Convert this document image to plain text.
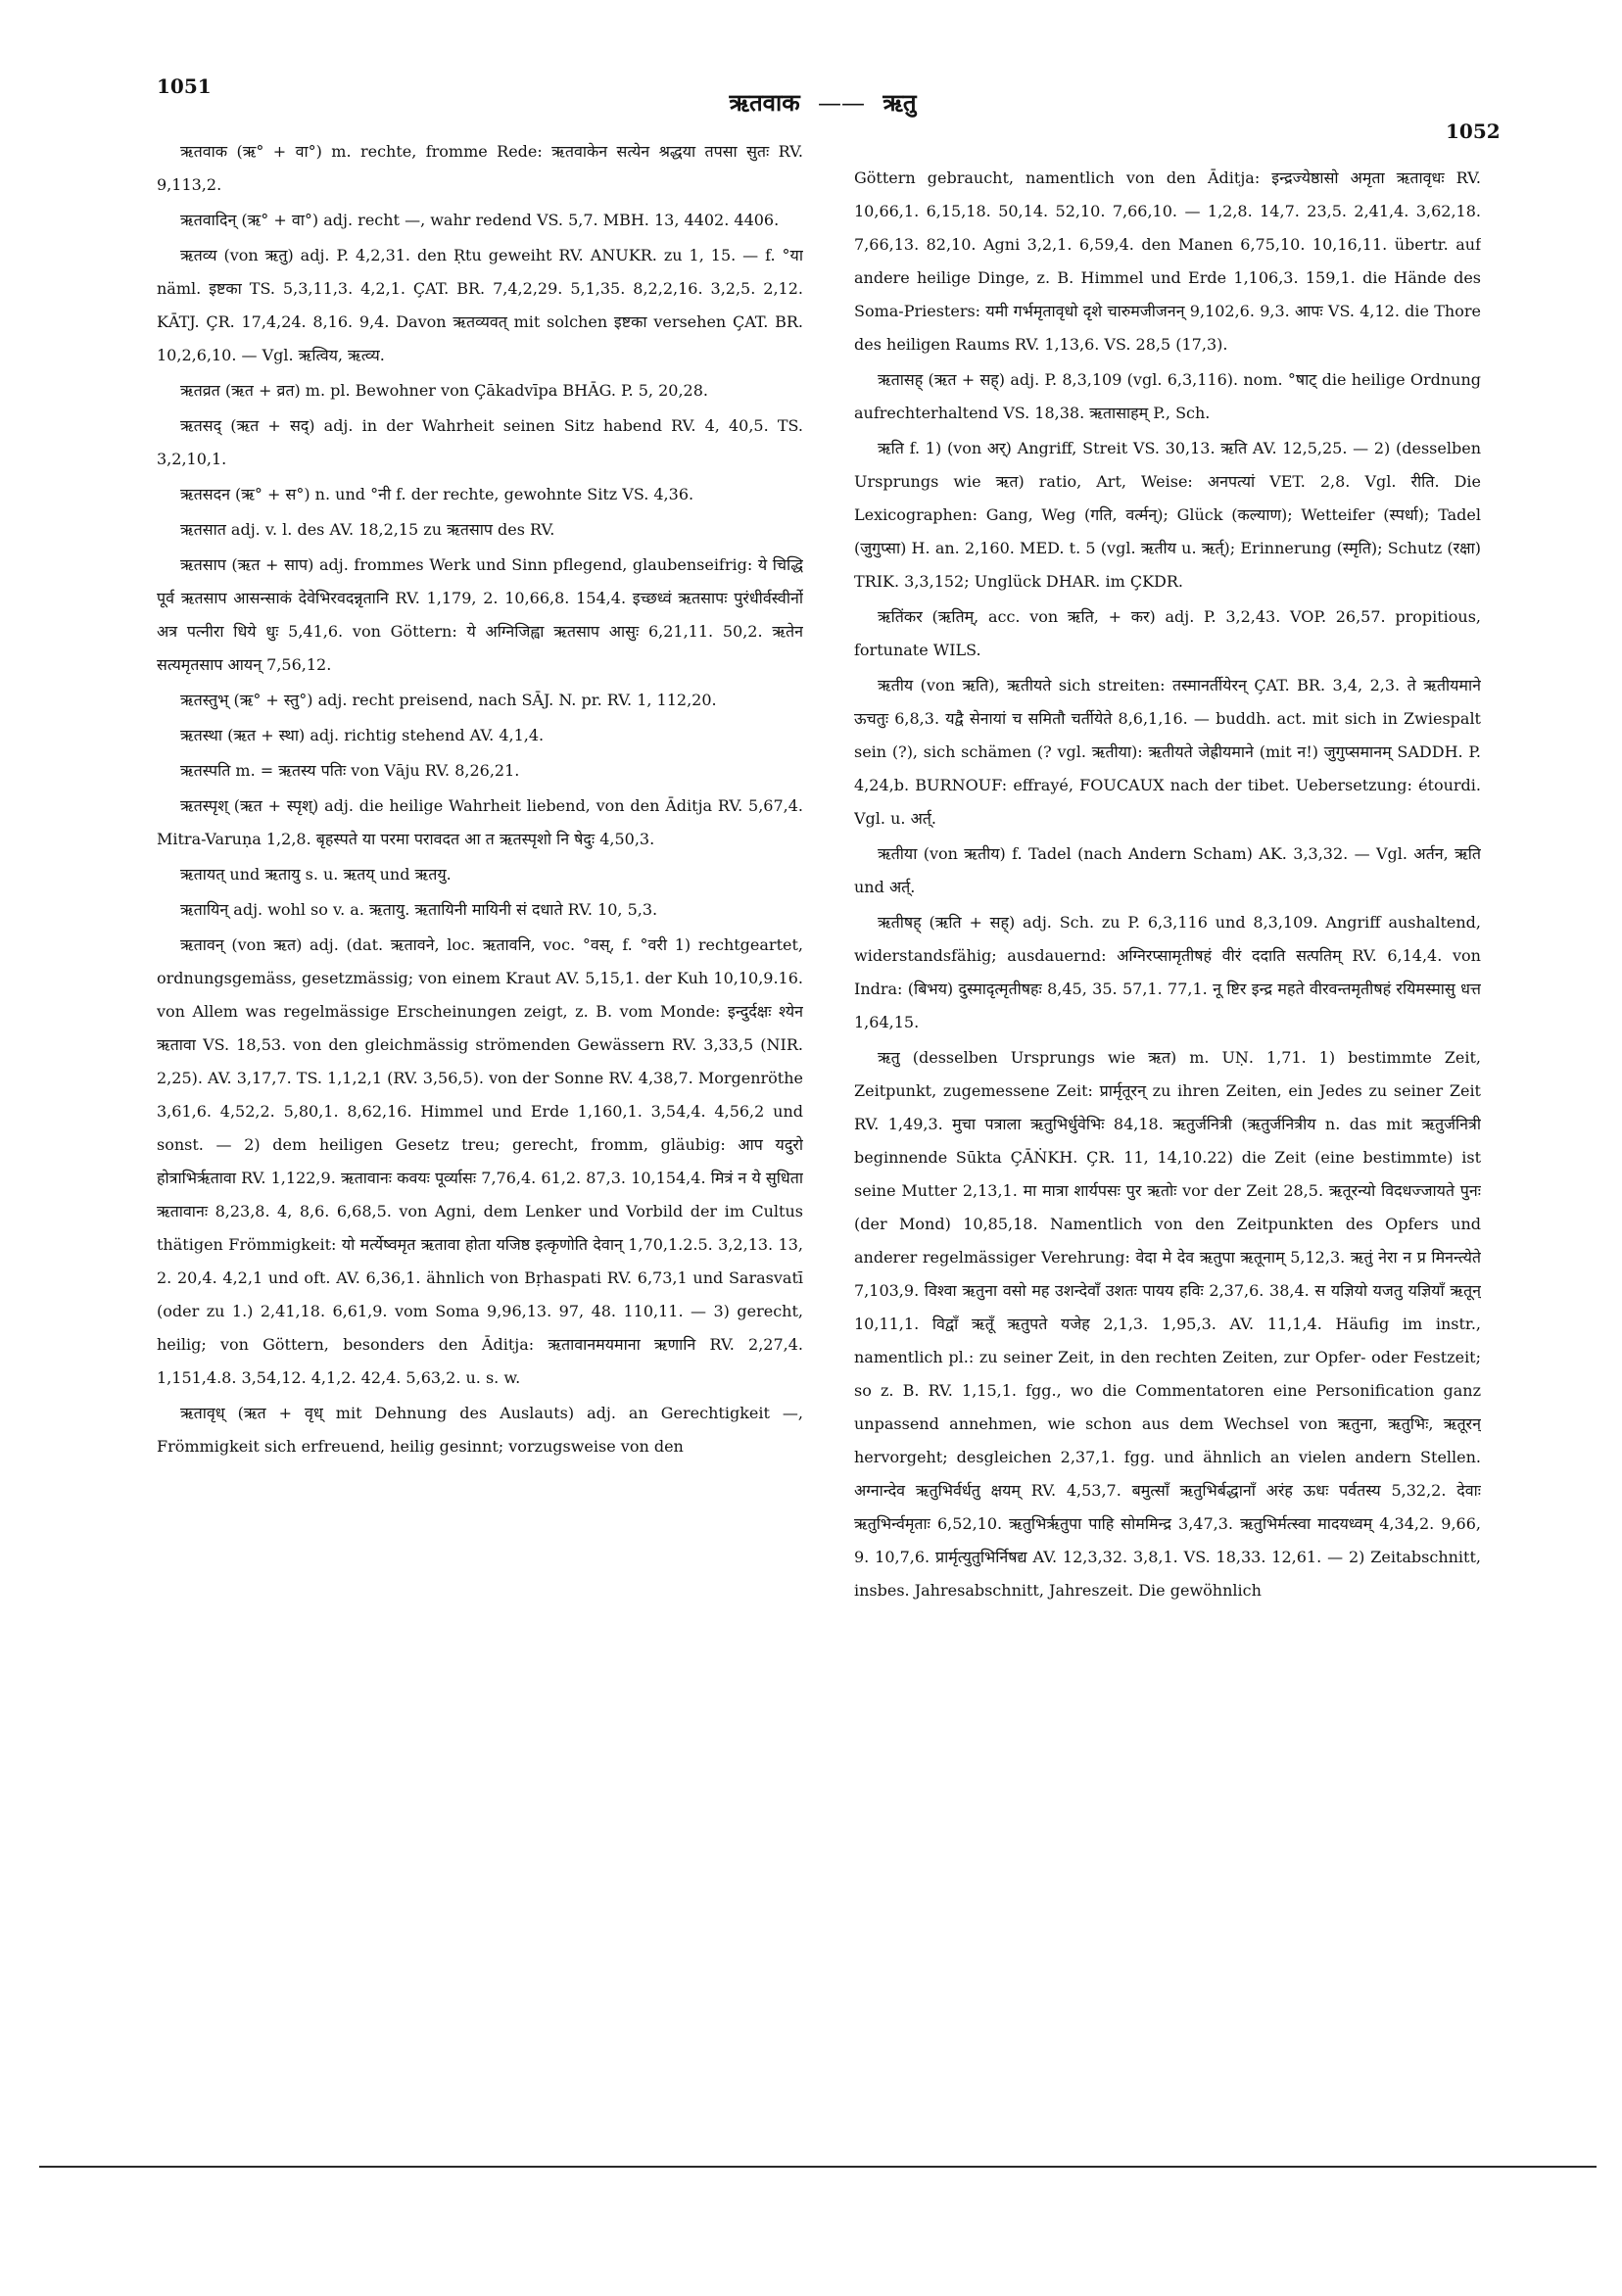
1051
ऋतवाक —— ऋतु
1052

ऋतवाक (ऋ° + वा°) m. rechte, fromme Rede: ऋतवाकेन सत्येन श्रद्धया तपसा सुतः RV. 9,113,2.

ऋतवादिन् (ऋ° + वा°) adj. recht —, wahr redend VS. 5,7. MBH. 13, 4402. 4406.

ऋतव्य (von ऋतु) adj. P. 4,2,31. den Ṛtu geweiht RV. ANUKR. zu 1, 15. — f. °या näml. इष्टका TS. 5,3,11,3. 4,2,1. ÇAT. BR. 7,4,2,29. 5,1,35. 8,2,2,16. 3,2,5. 2,12. KĀTJ. ÇR. 17,4,24. 8,16. 9,4. Davon ऋतव्यवत् mit solchen इष्टका versehen ÇAT. BR. 10,2,6,10. — Vgl. ऋत्विय, ऋत्व्य.

ऋतव्रत (ऋत + व्रत) m. pl. Bewohner von Çākadvīpa BHĀG. P. 5, 20,28.

ऋतसद् (ऋत + सद्) adj. in der Wahrheit seinen Sitz habend RV. 4, 40,5. TS. 3,2,10,1.

ऋतसदन (ऋ° + स°) n. und °नी f. der rechte, gewohnte Sitz VS. 4,36.

ऋतसात adj. v. l. des AV. 18,2,15 zu ऋतसाप des RV.

ऋतसाप (ऋत + साप) adj. frommes Werk und Sinn pflegend, glaubenseifrig: ये चिद्धि पूर्व ऋतसाप आसन्साकं देवेभिरवदन्नृतानि RV. 1,179, 2. 10,66,8. 154,4. इच्छध्वं ऋतसापः पुरंधीर्वस्वीर्नो अत्र पत्नीरा धिये धुः 5,41,6. von Göttern: ये अग्निजिह्वा ऋतसाप आसुः 6,21,11. 50,2. ऋतेन सत्यमृतसाप आयन् 7,56,12.

ऋतस्तुभ् (ऋ° + स्तु°) adj. recht preisend, nach SĀJ. N. pr. RV. 1, 112,20.

ऋतस्था (ऋत + स्था) adj. richtig stehend AV. 4,1,4.

ऋतस्पति m. = ऋतस्य पतिः von Vāju RV. 8,26,21.

ऋतस्पृश् (ऋत + स्पृश्) adj. die heilige Wahrheit liebend, von den Āditja RV. 5,67,4. Mitra-Varuṇa 1,2,8. बृहस्पते या परमा परावदत आ त ऋतस्पृशो नि षेदुः 4,50,3.

ऋतायत् und ऋतायु s. u. ऋतय् und ऋतयु.

ऋतायिन् adj. wohl so v. a. ऋतायु. ऋतायिनी मायिनी सं दधाते RV. 10, 5,3.

ऋतावन् (von ऋत) adj. (dat. ऋतावने, loc. ऋतावनि, voc. °वस्, f. °वरी 1) rechtgeartet, ordnungsgemäss, gesetzmässig; von einem Kraut AV. 5,15,1. der Kuh 10,10,9.16. von Allem was regelmässige Erscheinungen zeigt, z. B. vom Monde: इन्दुर्दक्षः श्येन ऋतावा VS. 18,53. von den gleichmässig strömenden Gewässern RV. 3,33,5 (NIR. 2,25). AV. 3,17,7. TS. 1,1,2,1 (RV. 3,56,5). von der Sonne RV. 4,38,7. Morgenröthe 3,61,6. 4,52,2. 5,80,1. 8,62,16. Himmel und Erde 1,160,1. 3,54,4. 4,56,2 und sonst. — 2) dem heiligen Gesetz treu; gerecht, fromm, gläubig: आप यदुरो होत्राभिर्ऋतावा RV. 1,122,9. ऋतावानः कवयः पूर्व्यासः 7,76,4. 61,2. 87,3. 10,154,4. मित्रं न ये सुधिता ऋतावानः 8,23,8. 4, 8,6. 6,68,5. von Agni, dem Lenker und Vorbild der im Cultus thätigen Frömmigkeit: यो मर्त्येष्वमृत ऋतावा होता यजिष्ठ इत्कृणोति देवान् 1,70,1.2.5. 3,2,13. 13, 2. 20,4. 4,2,1 und oft. AV. 6,36,1. ähnlich von Bṛhaspati RV. 6,73,1 und Sarasvatī (oder zu 1.) 2,41,18. 6,61,9. vom Soma 9,96,13. 97, 48. 110,11. — 3) gerecht, heilig; von Göttern, besonders den Āditja: ऋतावानमयमाना ऋणानि RV. 2,27,4. 1,151,4.8. 3,54,12. 4,1,2. 42,4. 5,63,2. u. s. w.

ऋतावृध् (ऋत + वृध् mit Dehnung des Auslauts) adj. an Gerechtigkeit —, Frömmigkeit sich erfreuend, heilig gesinnt; vorzugsweise von den

Göttern gebraucht, namentlich von den Āditja: इन्द्रज्येष्ठासो अमृता ऋतावृधः RV. 10,66,1. 6,15,18. 50,14. 52,10. 7,66,10. — 1,2,8. 14,7. 23,5. 2,41,4. 3,62,18. 7,66,13. 82,10. Agni 3,2,1. 6,59,4. den Manen 6,75,10. 10,16,11. übertr. auf andere heilige Dinge, z. B. Himmel und Erde 1,106,3. 159,1. die Hände des Soma-Priesters: यमी गर्भमृतावृधो दृशे चारुमजीजनन् 9,102,6. 9,3. आपः VS. 4,12. die Thore des heiligen Raums RV. 1,13,6. VS. 28,5 (17,3).

ऋतासह् (ऋत + सह्) adj. P. 8,3,109 (vgl. 6,3,116). nom. °षाट् die heilige Ordnung aufrechterhaltend VS. 18,38. ऋतासाहम् P., Sch.

ऋति f. 1) (von अर्) Angriff, Streit VS. 30,13. ऋति AV. 12,5,25. — 2) (desselben Ursprungs wie ऋत) ratio, Art, Weise: अनपत्यां VET. 2,8. Vgl. रीति. Die Lexicographen: Gang, Weg (गति, वर्त्मन्); Glück (कल्याण); Wetteifer (स्पर्धा); Tadel (जुगुप्सा) H. an. 2,160. MED. t. 5 (vgl. ऋतीय u. ऋर्त्); Erinnerung (स्मृति); Schutz (रक्षा) TRIK. 3,3,152; Unglück DHAR. im ÇKDR.

ऋतिंकर (ऋतिम्, acc. von ऋति, + कर) adj. P. 3,2,43. VOP. 26,57. propitious, fortunate WILS.

ऋतीय (von ऋति), ऋतीयते sich streiten: तस्मानर्तीयेरन् ÇAT. BR. 3,4, 2,3. ते ऋतीयमाने ऊचतुः 6,8,3. यद्वै सेनायां च समितौ चर्तीयेते 8,6,1,16. — buddh. act. mit sich in Zwiespalt sein (?), sich schämen (? vgl. ऋतीया): ऋतीयते जेह्रीयमाने (mit न!) जुगुप्समानम् SADDH. P. 4,24,b. BURNOUF: effrayé, FOUCAUX nach der tibet. Uebersetzung: étourdi. Vgl. u. अर्त्.

ऋतीया (von ऋतीय) f. Tadel (nach Andern Scham) AK. 3,3,32. — Vgl. अर्तन, ऋति und अर्त्.

ऋतीषह् (ऋति + सह्) adj. Sch. zu P. 6,3,116 und 8,3,109. Angriff aushaltend, widerstandsfähig; ausdauernd: अग्निरप्सामृतीषहं वीरं ददाति सत्पतिम् RV. 6,14,4. von Indra: (बिभय) दुस्मादृत्मृतीषहः 8,45, 35. 57,1. 77,1. नू ष्टिर इन्द्र महते वीरवन्तमृतीषहं रयिमस्मासु धत्त 1,64,15.

ऋतु (desselben Ursprungs wie ऋत) m. UṆ. 1,71. 1) bestimmte Zeit, Zeitpunkt, zugemessene Zeit: प्रार्मृतूरन् zu ihren Zeiten, ein Jedes zu seiner Zeit RV. 1,49,3. मुचा पत्राला ऋतुभिर्धुवेभिः 84,18. ऋतुर्जनित्री (ऋतुर्जनित्रीय n. das mit ऋतुर्जनित्री beginnende Sūkta ÇĀṄKH. ÇR. 11, 14,10.22) die Zeit (eine bestimmte) ist seine Mutter 2,13,1. मा मात्रा शार्यपसः पुर ऋतोः vor der Zeit 28,5. ऋतूरन्यो विदधज्जायते पुनः (der Mond) 10,85,18. Namentlich von den Zeitpunkten des Opfers und anderer regelmässiger Verehrung: वेदा मे देव ऋतुपा ऋतूनाम् 5,12,3. ऋतुं नेरा न प्र मिनन्त्येते 7,103,9. विश्वा ऋतुना वसो मह उशन्देवाँ उशतः पायय हविः 2,37,6. 38,4. स यज्ञियो यजतु यज्ञियाँ ऋतून् 10,11,1. विद्वाँ ऋतूँ ऋतुपते यजेह 2,1,3. 1,95,3. AV. 11,1,4. Häufig im instr., namentlich pl.: zu seiner Zeit, in den rechten Zeiten, zur Opfer- oder Festzeit; so z. B. RV. 1,15,1. fgg., wo die Commentatoren eine Personification ganz unpassend annehmen, wie schon aus dem Wechsel von ऋतुना, ऋतुभिः, ऋतूरन् hervorgeht; desgleichen 2,37,1. fgg. und ähnlich an vielen andern Stellen. अग्नान्देव ऋतुभिर्वर्धतु क्षयम् RV. 4,53,7. बमुत्साँ ऋतुभिर्बद्धानाँ अरंह ऊधः पर्वतस्य 5,32,2. देवाः ऋतुभिर्न्वमृताः 6,52,10. ऋतुभिर्ऋतुपा पाहि सोममिन्द्र 3,47,3. ऋतुभिर्मत्स्वा मादयध्वम् 4,34,2. 9,66, 9. 10,7,6. प्रार्मृत्युतुभिर्निषद्य AV. 12,3,32. 3,8,1. VS. 18,33. 12,61. — 2) Zeitabschnitt, insbes. Jahresabschnitt, Jahreszeit. Die gewöhnlich
